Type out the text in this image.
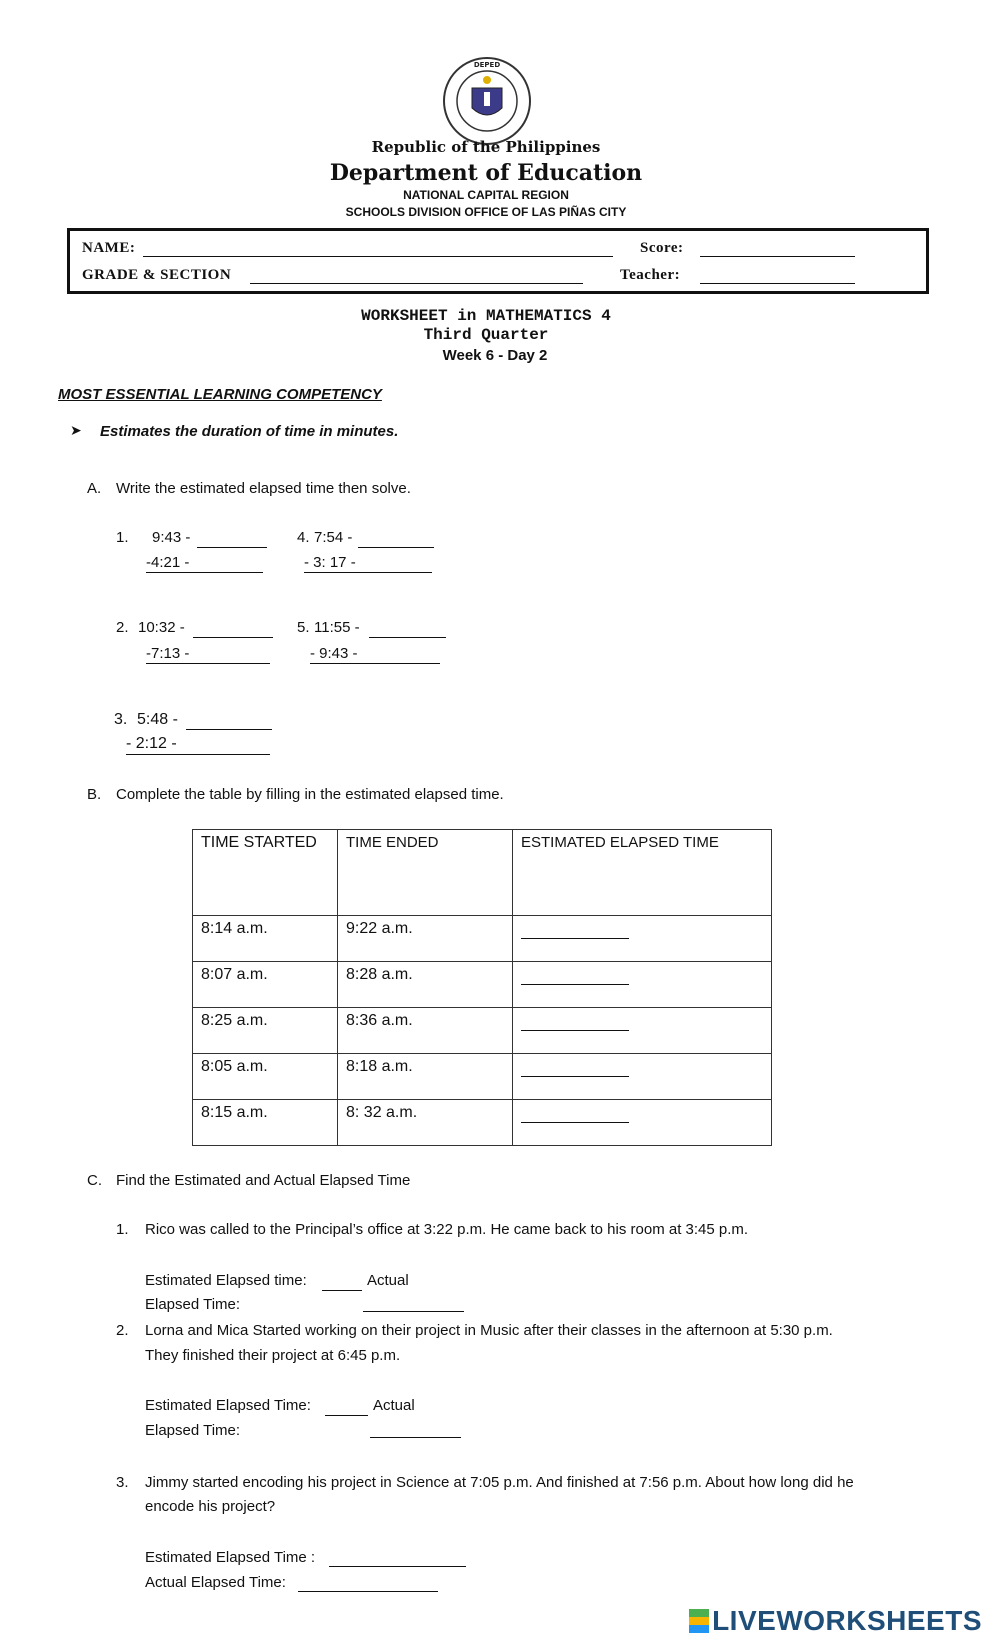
DEPED
Republic of the Philippines
Department of Education
NATIONAL CAPITAL REGION
SCHOOLS DIVISION OFFICE OF LAS PIÑAS CITY
NAME:	Score:
GRADE & SECTION	Teacher:
WORKSHEET in MATHEMATICS 4
Third Quarter
Week 6 - Day 2
MOST ESSENTIAL LEARNING COMPETENCY
➤ Estimates the duration of time in minutes.
A. Write the estimated elapsed time then solve.
1. 9:43 -
-4:21 -
4. 7:54 -
- 3: 17 -
2. 10:32 -
-7:13 -
5. 11:55 -
- 9:43 -
3. 5:48 -
- 2:12 -
B. Complete the table by filling in the estimated elapsed time.
TIME STARTED	TIME ENDED	ESTIMATED ELAPSED TIME
8:14 a.m.	9:22 a.m.	
8:07 a.m.	8:28 a.m.	
8:25 a.m.	8:36 a.m.	
8:05 a.m.	8:18 a.m.	
8:15 a.m.	8: 32 a.m.	
C. Find the Estimated and Actual Elapsed Time
1. Rico was called to the Principal’s office at 3:22 p.m. He came back to his room at 3:45 p.m.
Estimated Elapsed time:	Actual
Elapsed Time:
2. Lorna and Mica Started working on their project in Music after their classes in the afternoon at 5:30 p.m.
They finished their project at 6:45 p.m.
Estimated Elapsed Time:	Actual
Elapsed Time:
3. Jimmy started encoding his project in Science at 7:05 p.m. And finished at 7:56 p.m. About how long did he
encode his project?
Estimated Elapsed Time :
Actual Elapsed Time:
LIVEWORKSHEETS
